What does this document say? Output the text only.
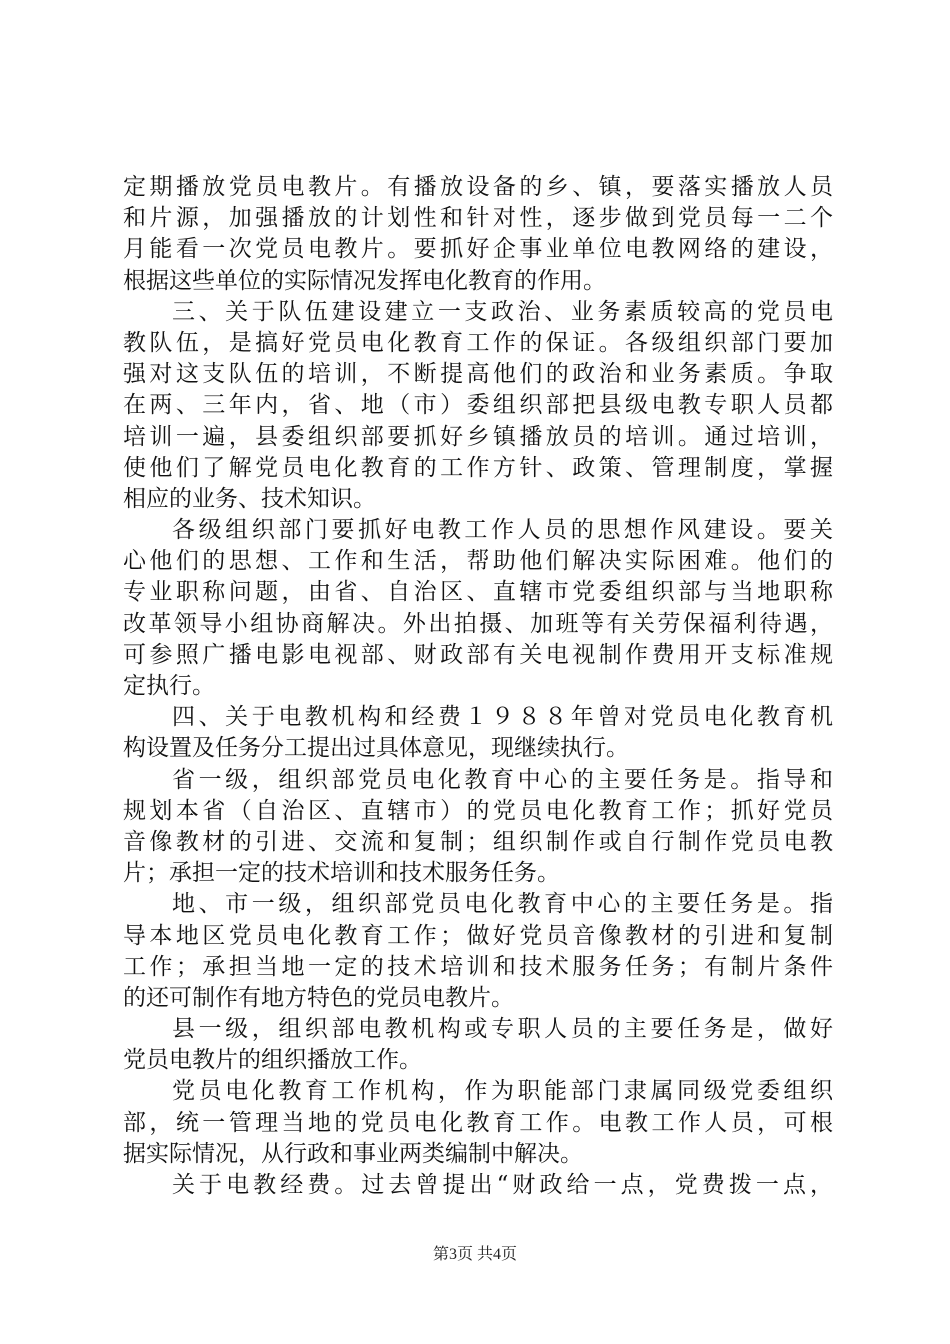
定期播放党员电教片。有播放设备的乡、镇，要落实播放人员
和片源，加强播放的计划性和针对性，逐步做到党员每一二个
月能看一次党员电教片。要抓好企事业单位电教网络的建设，
根据这些单位的实际情况发挥电化教育的作用。
三、关于队伍建设建立一支政治、业务素质较高的党员电
教队伍，是搞好党员电化教育工作的保证。各级组织部门要加
强对这支队伍的培训，不断提高他们的政治和业务素质。争取
在两、三年内，省、地（市）委组织部把县级电教专职人员都
培训一遍，县委组织部要抓好乡镇播放员的培训。通过培训，
使他们了解党员电化教育的工作方针、政策、管理制度，掌握
相应的业务、技术知识。
各级组织部门要抓好电教工作人员的思想作风建设。要关
心他们的思想、工作和生活，帮助他们解决实际困难。他们的
专业职称问题，由省、自治区、直辖市党委组织部与当地职称
改革领导小组协商解决。外出拍摄、加班等有关劳保福利待遇，
可参照广播电影电视部、财政部有关电视制作费用开支标准规
定执行。
四、关于电教机构和经费１９８８年曾对党员电化教育机
构设置及任务分工提出过具体意见，现继续执行。
省一级，组织部党员电化教育中心的主要任务是。指导和
规划本省（自治区、直辖市）的党员电化教育工作；抓好党员
音像教材的引进、交流和复制；组织制作或自行制作党员电教
片；承担一定的技术培训和技术服务任务。
地、市一级，组织部党员电化教育中心的主要任务是。指
导本地区党员电化教育工作；做好党员音像教材的引进和复制
工作；承担当地一定的技术培训和技术服务任务；有制片条件
的还可制作有地方特色的党员电教片。
县一级，组织部电教机构或专职人员的主要任务是，做好
党员电教片的组织播放工作。
党员电化教育工作机构，作为职能部门隶属同级党委组织
部，统一管理当地的党员电化教育工作。电教工作人员，可根
据实际情况，从行政和事业两类编制中解决。
关于电教经费。过去曾提出“财政给一点，党费拨一点，
第3页 共4页
